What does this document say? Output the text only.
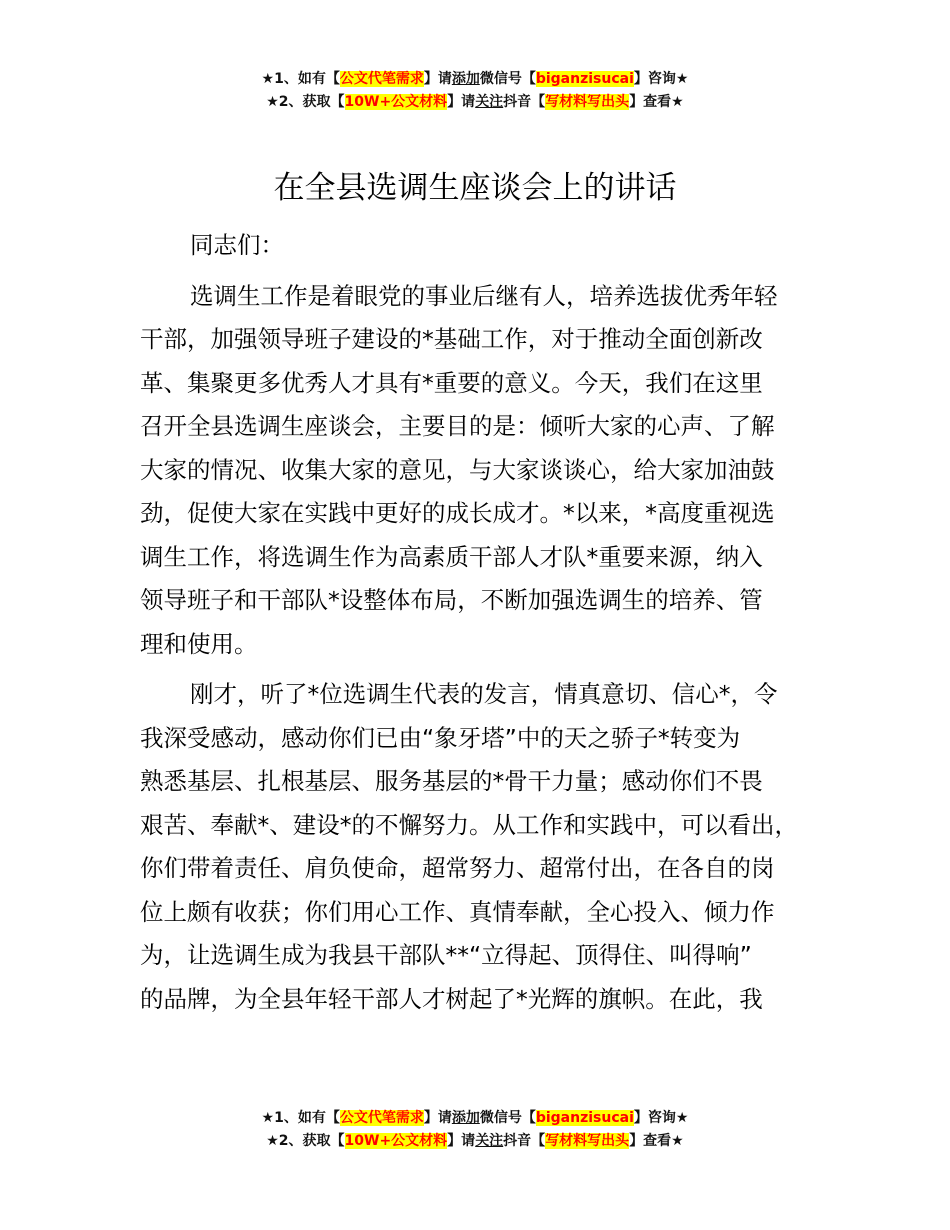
★1、如有【公文代笔需求】请添加微信号【biganzisucai】咨询★
★2、获取【10W+公文材料】请关注抖音【写材料写出头】查看★
在全县选调生座谈会上的讲话

同志们：

选调生工作是着眼党的事业后继有人，培养选拔优秀年轻
干部，加强领导班子建设的*基础工作，对于推动全面创新改
革、集聚更多优秀人才具有*重要的意义。今天，我们在这里
召开全县选调生座谈会，主要目的是：倾听大家的心声、了解
大家的情况、收集大家的意见，与大家谈谈心，给大家加油鼓
劲，促使大家在实践中更好的成长成才。*以来，*高度重视选
调生工作，将选调生作为高素质干部人才队*重要来源，纳入
领导班子和干部队*设整体布局，不断加强选调生的培养、管
理和使用。

刚才，听了*位选调生代表的发言，情真意切、信心*，令
我深受感动，感动你们已由“象牙塔”中的天之骄子*转变为
熟悉基层、扎根基层、服务基层的*骨干力量；感动你们不畏
艰苦、奉献*、建设*的不懈努力。从工作和实践中，可以看出，
你们带着责任、肩负使命，超常努力、超常付出，在各自的岗
位上颇有收获；你们用心工作、真情奉献，全心投入、倾力作
为，让选调生成为我县干部队**“立得起、顶得住、叫得响”
的品牌，为全县年轻干部人才树起了*光辉的旗帜。在此，我

★1、如有【公文代笔需求】请添加微信号【biganzisucai】咨询★
★2、获取【10W+公文材料】请关注抖音【写材料写出头】查看★
